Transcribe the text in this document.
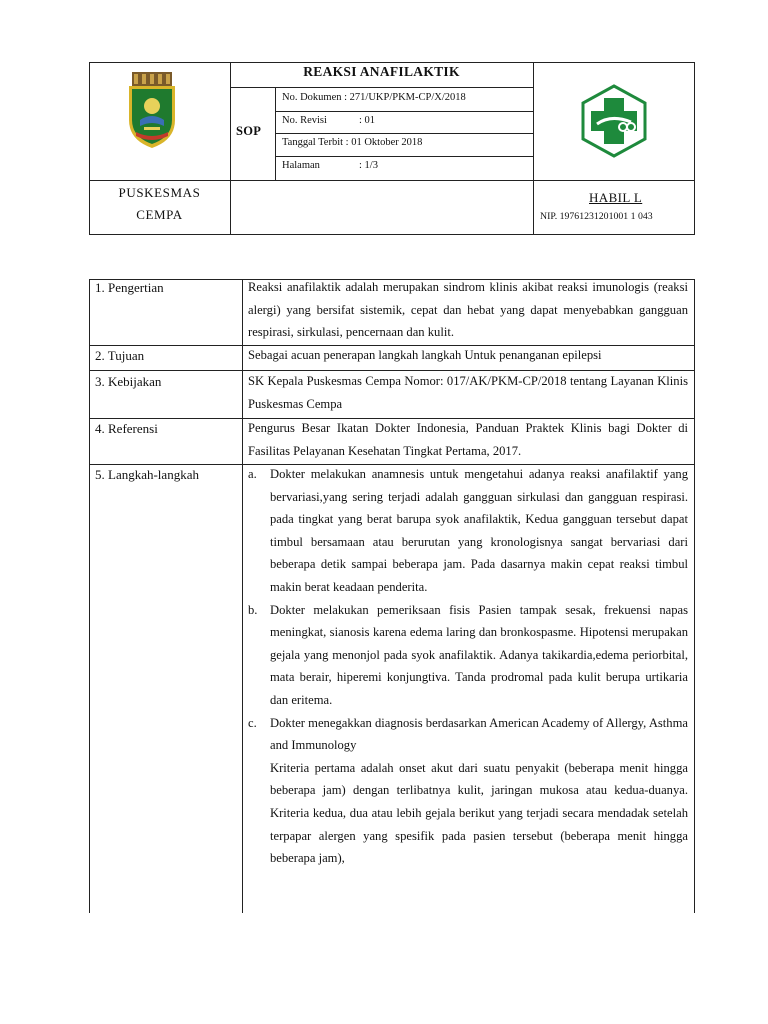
REAKSI ANAFILAKTIK
SOP
No. Dokumen : 271/UKP/PKM-CP/X/2018
No. Revisi	: 01
Tanggal Terbit : 01 Oktober 2018
Halaman	: 1/3
PUSKESMAS
CEMPA
HABIL L
NIP. 19761231201001 1 043
1. Pengertian	Reaksi anafilaktik adalah merupakan sindrom klinis akibat reaksi imunologis (reaksi alergi) yang bersifat sistemik, cepat dan hebat yang dapat menyebabkan gangguan respirasi, sirkulasi, pencernaan dan kulit.
2. Tujuan	Sebagai acuan penerapan langkah langkah Untuk penanganan epilepsi
3. Kebijakan	SK Kepala Puskesmas Cempa Nomor: 017/AK/PKM-CP/2018 tentang Layanan Klinis Puskesmas Cempa
4. Referensi	Pengurus Besar Ikatan Dokter Indonesia, Panduan Praktek Klinis bagi Dokter di Fasilitas Pelayanan Kesehatan Tingkat Pertama, 2017.
5. Langkah-langkah	a. Dokter melakukan anamnesis untuk mengetahui adanya reaksi anafilaktif yang bervariasi,yang sering terjadi adalah gangguan sirkulasi dan gangguan respirasi. pada tingkat yang berat barupa syok anafilaktik, Kedua gangguan tersebut dapat timbul bersamaan atau berurutan yang kronologisnya sangat bervariasi dari beberapa detik sampai beberapa jam. Pada dasarnya makin cepat reaksi timbul makin berat keadaan penderita.

b. Dokter melakukan pemeriksaan fisis Pasien tampak sesak, frekuensi napas meningkat, sianosis karena edema laring dan bronkospasme. Hipotensi merupakan gejala yang menonjol pada syok anafilaktik. Adanya takikardia,edema periorbital, mata berair, hiperemi konjungtiva. Tanda prodromal pada kulit berupa urtikaria dan eritema.

c. Dokter menegakkan diagnosis berdasarkan American Academy of Allergy, Asthma and Immunology

Kriteria pertama adalah onset akut dari suatu penyakit (beberapa menit hingga beberapa jam) dengan terlibatnya kulit, jaringan mukosa atau kedua-duanya. Kriteria kedua, dua atau lebih gejala berikut yang terjadi secara mendadak setelah terpapar alergen yang spesifik pada pasien tersebut (beberapa menit hingga beberapa jam),
